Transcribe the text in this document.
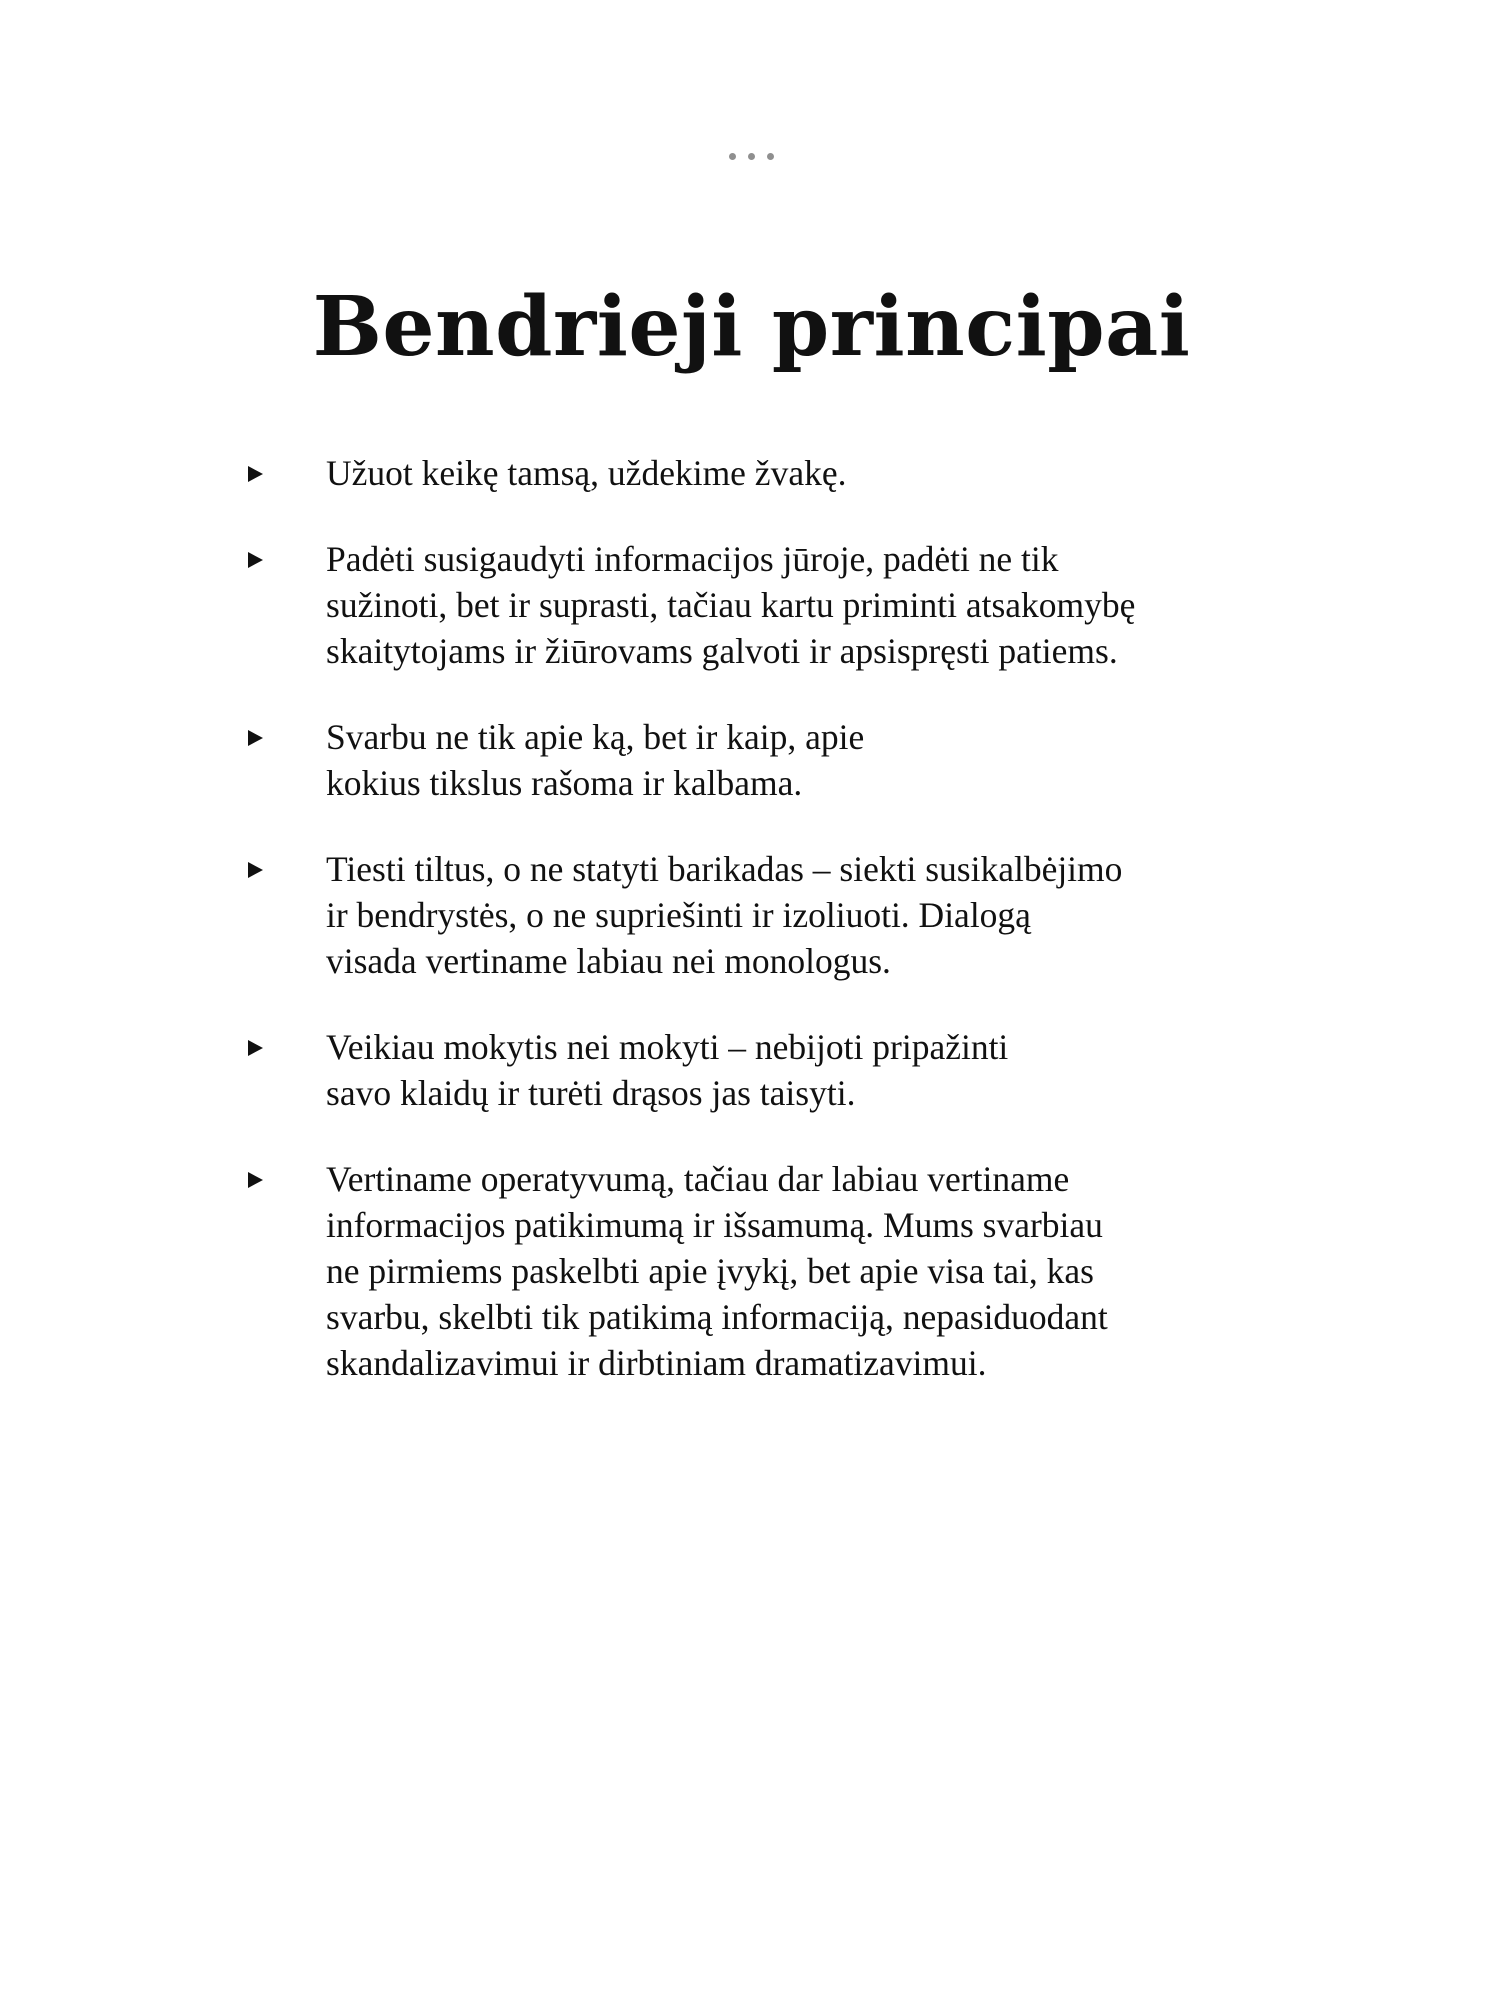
Bendrieji principai
Užuot keikę tamsą, uždekime žvakę.
Padėti susigaudyti informacijos jūroje, padėti ne tik
sužinoti, bet ir suprasti, tačiau kartu priminti atsakomybę
skaitytojams ir žiūrovams galvoti ir apsispręsti patiems.
Svarbu ne tik apie ką, bet ir kaip, apie
kokius tikslus rašoma ir kalbama.
Tiesti tiltus, o ne statyti barikadas – siekti susikalbėjimo
ir bendrystės, o ne supriešinti ir izoliuoti. Dialogą
visada vertiname labiau nei monologus.
Veikiau mokytis nei mokyti – nebijoti pripažinti
savo klaidų ir turėti drąsos jas taisyti.
Vertiname operatyvumą, tačiau dar labiau vertiname
informacijos patikimumą ir išsamumą. Mums svarbiau
ne pirmiems paskelbti apie įvykį, bet apie visa tai, kas
svarbu, skelbti tik patikimą informaciją, nepasiduodant
skandalizavimui ir dirbtiniam dramatizavimui.
